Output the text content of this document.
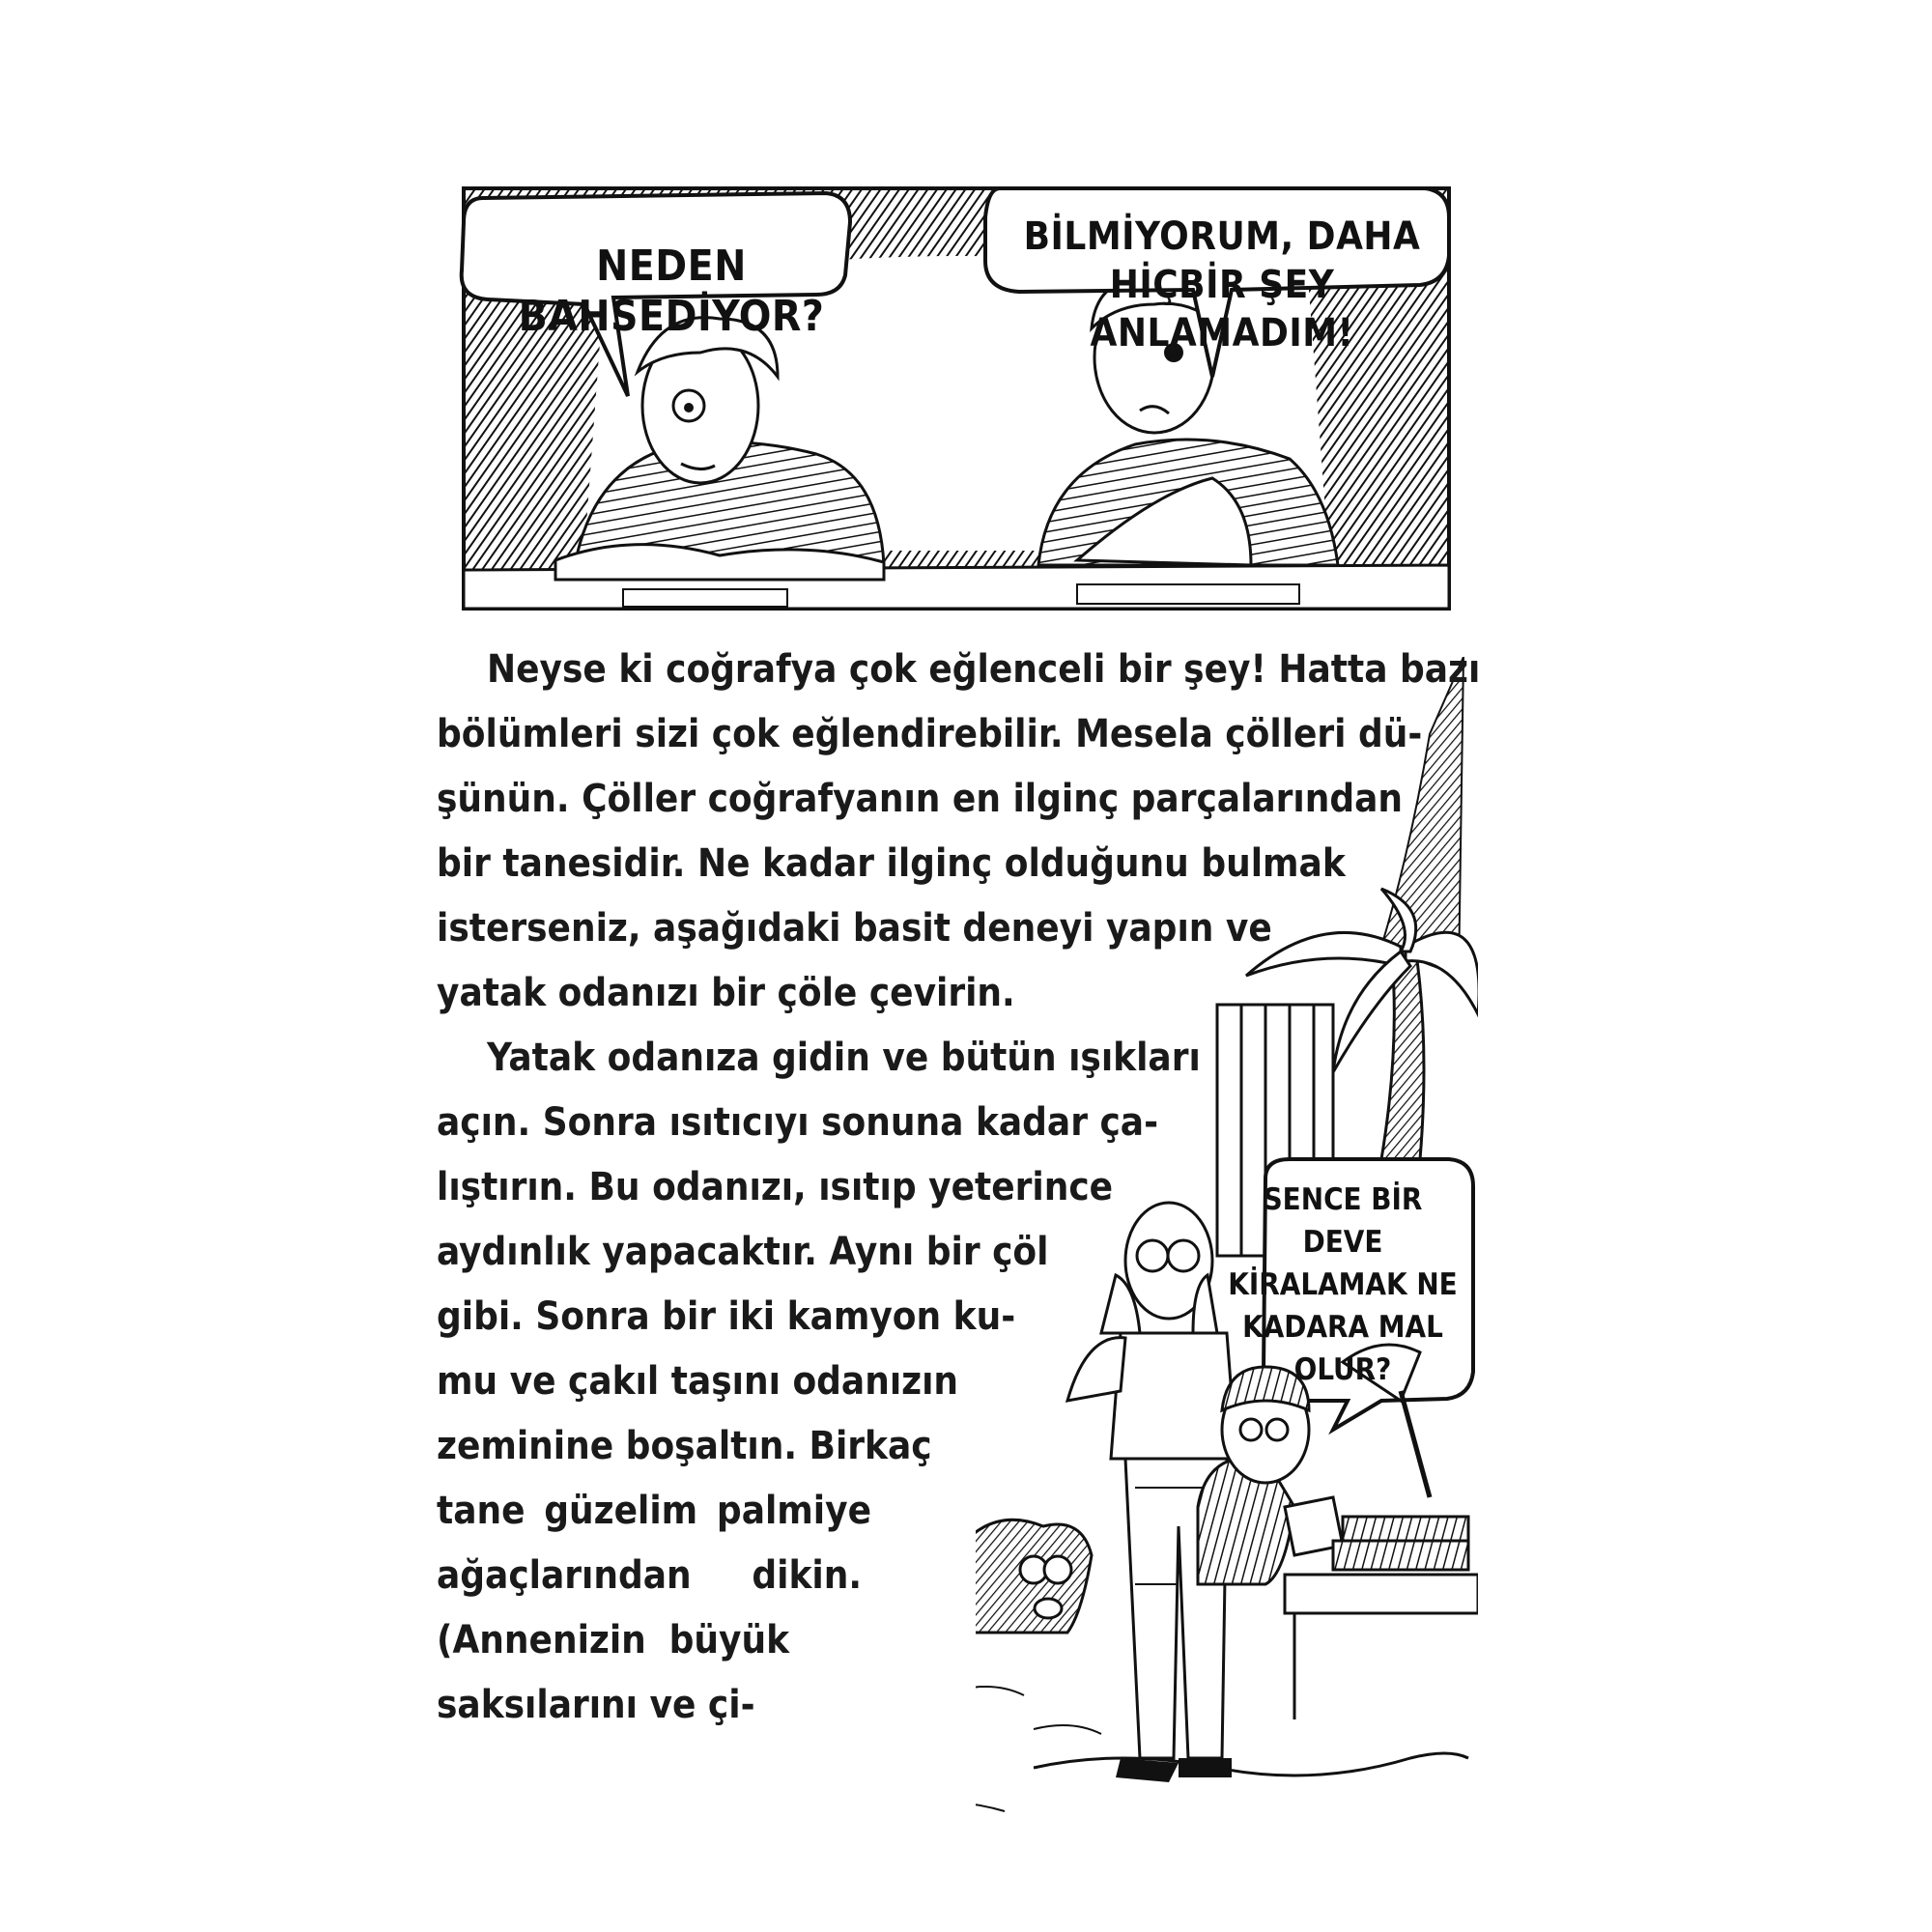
NEDEN BAHSEDİYOR?
BİLMİYORUM, DAHA
HİÇBİR ŞEY ANLAMADIM!
SENCE BİR
DEVE
KİRALAMAK NE
KADARA MAL
OLUR?
Neyse ki coğrafya çok eğlenceli bir şey! Hatta bazı
bölümleri sizi çok eğlendirebilir. Mesela çölleri dü-
şünün. Çöller coğrafyanın en ilginç parçalarından
bir tanesidir. Ne kadar ilginç olduğunu bulmak
isterseniz, aşağıdaki basit deneyi yapın ve
yatak odanızı bir çöle çevirin.
Yatak odanıza gidin ve bütün ışıkları
açın. Sonra ısıtıcıyı sonuna kadar ça-
lıştırın. Bu odanızı, ısıtıp yeterince
aydınlık yapacaktır. Aynı bir çöl
gibi. Sonra bir iki kamyon ku-
mu ve çakıl taşını odanızın
zeminine boşaltın. Birkaç
tane güzelim palmiye
ağaçlarından dikin.
(Annenizin büyük
saksılarını ve çi-
